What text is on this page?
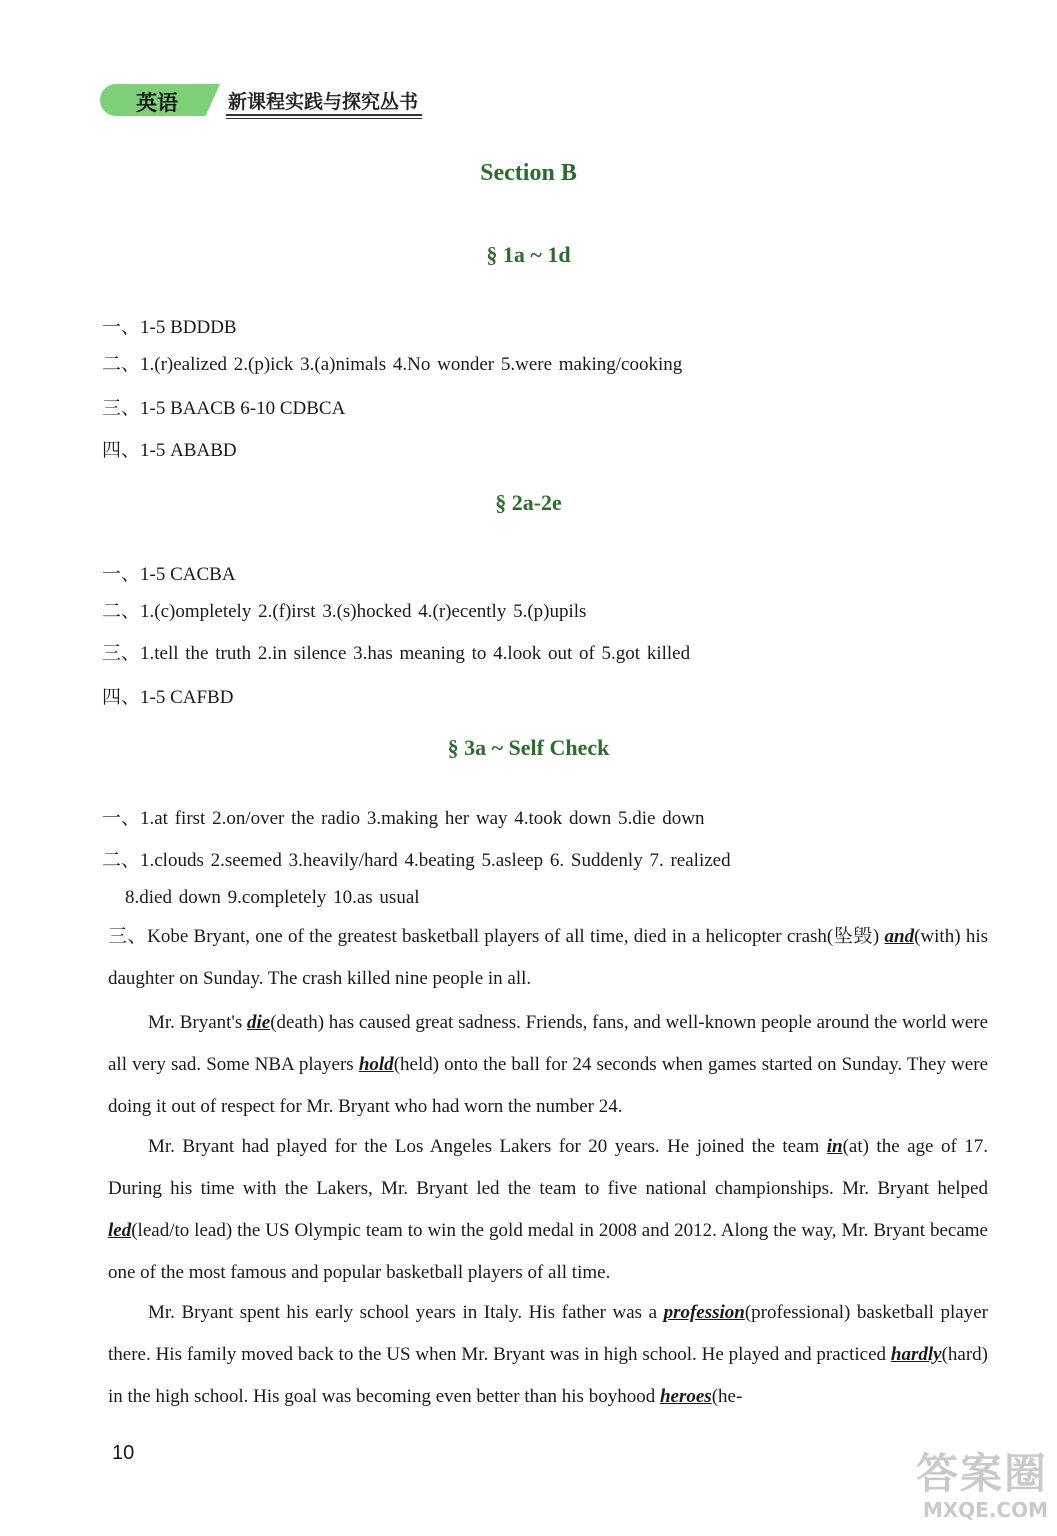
英语	新课程实践与探究丛书
Section B
§ 1a ~ 1d
一、1-5 BDDDB
二、1.(r)ealized 2.(p)ick 3.(a)nimals 4.No wonder 5.were making/cooking
三、1-5 BAACB 6-10 CDBCA
四、1-5 ABABD
§ 2a-2e
一、1-5 CACBA
二、1.(c)ompletely 2.(f)irst 3.(s)hocked 4.(r)ecently 5.(p)upils
三、1.tell the truth 2.in silence 3.has meaning to 4.look out of 5.got killed
四、1-5 CAFBD
§ 3a ~ Self Check
一、1.at first 2.on/over the radio 3.making her way 4.took down 5.die down
二、1.clouds 2.seemed 3.heavily/hard 4.beating 5.asleep 6. Suddenly 7. realized
8.died down 9.completely 10.as usual
三、Kobe Bryant, one of the greatest basketball players of all time, died in a helicopter crash(坠毁) and(with) his daughter on Sunday. The crash killed nine people in all.
Mr. Bryant's die(death) has caused great sadness. Friends, fans, and well-known people around the world were all very sad. Some NBA players hold(held) onto the ball for 24 seconds when games started on Sunday. They were doing it out of respect for Mr. Bryant who had worn the number 24.
Mr. Bryant had played for the Los Angeles Lakers for 20 years. He joined the team in(at) the age of 17. During his time with the Lakers, Mr. Bryant led the team to five national championships. Mr. Bryant helped led(lead/to lead) the US Olympic team to win the gold medal in 2008 and 2012. Along the way, Mr. Bryant became one of the most famous and popular basketball players of all time.
Mr. Bryant spent his early school years in Italy. His father was a profession(professional) basketball player there. His family moved back to the US when Mr. Bryant was in high school. He played and practiced hardly(hard) in the high school. His goal was becoming even better than his boyhood heroes(he-
10	答案圈
MXQE.COM
